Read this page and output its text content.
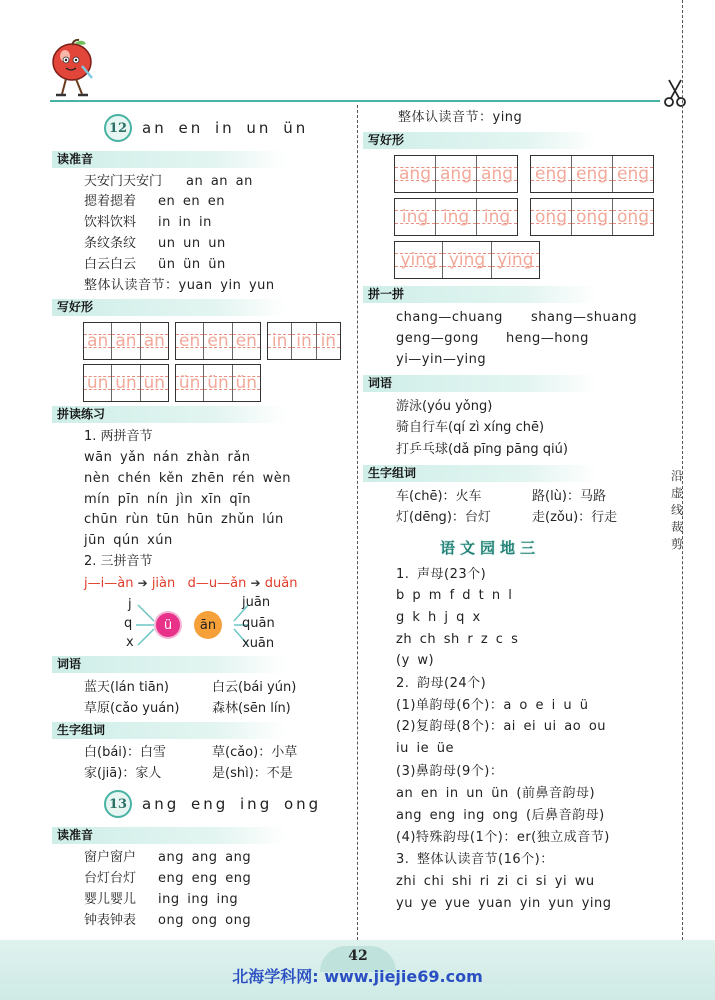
沿虚线裁剪
12 an en in un ün
读准音
天安门天安门 an an an
摁着摁着 en en en
饮料饮料 in in in
条纹条纹 un un un
白云白云 ün ün ün
整体认读音节：yuan yin yun
写好形
an an an en en en in in in
un un un ün ün ün
拼读练习
1. 两拼音节
wān yǎn nán zhàn rǎn
nèn chén kěn zhēn rén wèn
mín pīn nín jìn xīn qīn
chūn rùn tūn hūn zhǔn lún
jūn qún xún
2. 三拼音节
j—i—àn ➔ jiàn d—u—ǎn ➔ duǎn
j
q
x
ü	ān
juān
quān
xuān
词语
蓝天(lán tiān)	白云(bái yún)
草原(cǎo yuán)	森林(sēn lín)
生字组词
白(bái)：白雪	草(cǎo)：小草
家(jiā)：家人	是(shì)：不是
13 ang eng ing ong
读准音
窗户窗户 ang ang ang
台灯台灯 eng eng eng
婴儿婴儿 ing ing ing
钟表钟表 ong ong ong
整体认读音节：ying
写好形
ang ang ang eng eng eng
ing ing ing ong ong ong
ying ying ying
拼一拼
chang—chuang shang—shuang
geng—gong heng—hong
yi—yin—ying
词语
游泳(yóu yǒng)
骑自行车(qí zì xíng chē)
打乒乓球(dǎ pīng pāng qiú)
生字组词
车(chē)：火车	路(lù)：马路
灯(dēng)：台灯	走(zǒu)：行走
语文园地三
1. 声母(23个)
b p m f d t n l
g k h j q x
zh ch sh r z c s
(y w)
2. 韵母(24个)
(1)单韵母(6个)：a o e i u ü
(2)复韵母(8个)：ai ei ui ao ou
iu ie üe
(3)鼻韵母(9个)：
an en in un ün (前鼻音韵母)
ang eng ing ong (后鼻音韵母)
(4)特殊韵母(1个)：er(独立成音节)
3. 整体认读音节(16个)：
zhi chi shi ri zi ci si yi wu
yu ye yue yuan yin yun ying
42
北海学科网: www.jiejie69.com
